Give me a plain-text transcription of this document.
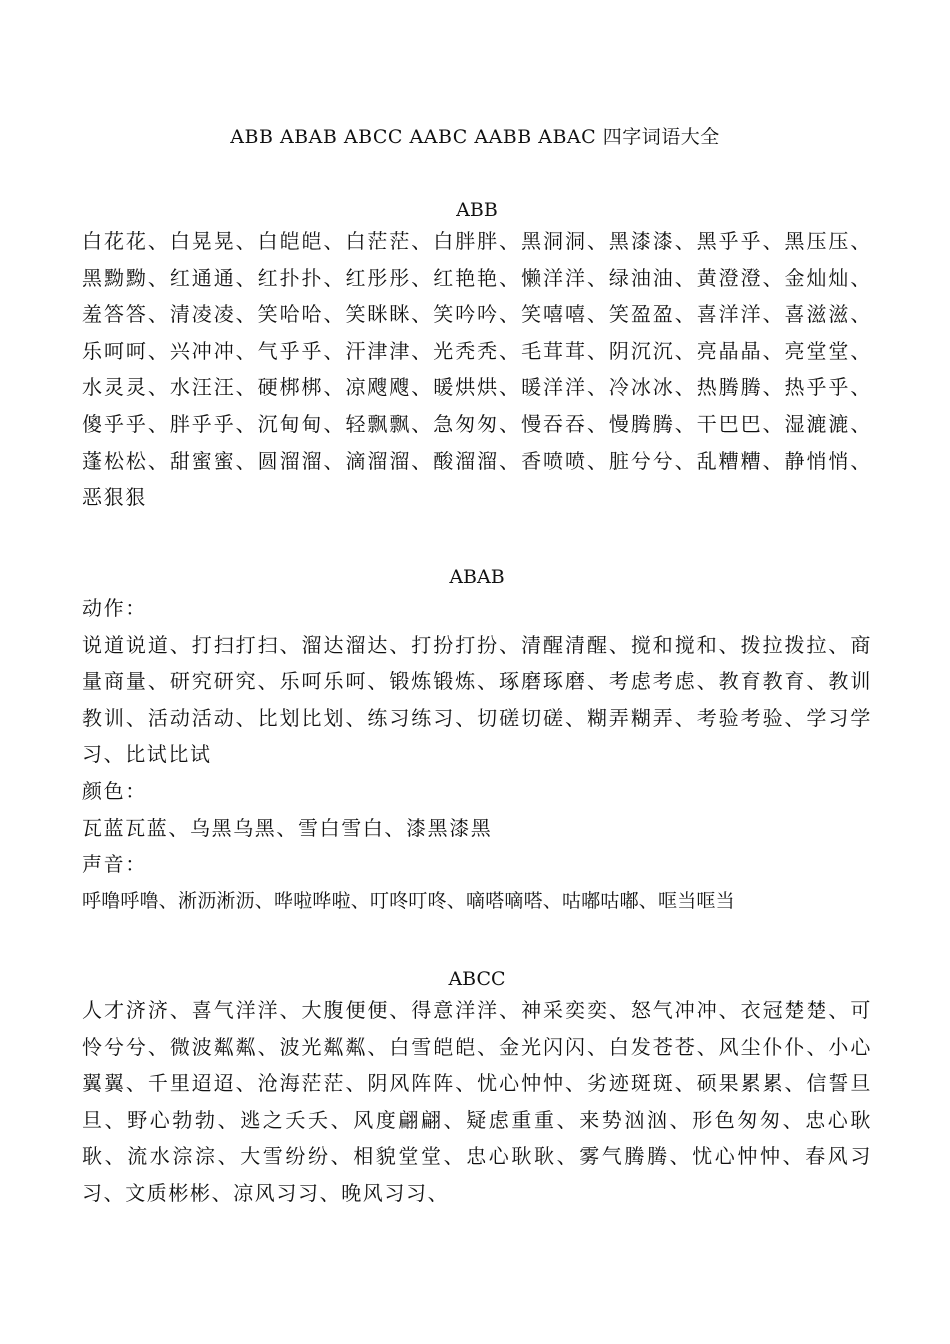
ABB ABAB ABCC AABC AABB ABAC 四字词语大全
ABB
白花花、白晃晃、白皑皑、白茫茫、白胖胖、黑洞洞、黑漆漆、黑乎乎、黑压压、黑黝黝、红通通、红扑扑、红彤彤、红艳艳、懒洋洋、绿油油、黄澄澄、金灿灿、羞答答、清凌凌、笑哈哈、笑眯眯、笑吟吟、笑嘻嘻、笑盈盈、喜洋洋、喜滋滋、乐呵呵、兴冲冲、气乎乎、汗津津、光秃秃、毛茸茸、阴沉沉、亮晶晶、亮堂堂、水灵灵、水汪汪、硬梆梆、凉飕飕、暖烘烘、暖洋洋、冷冰冰、热腾腾、热乎乎、傻乎乎、胖乎乎、沉甸甸、轻飘飘、急匆匆、慢吞吞、慢腾腾、干巴巴、湿漉漉、蓬松松、甜蜜蜜、圆溜溜、滴溜溜、酸溜溜、香喷喷、脏兮兮、乱糟糟、静悄悄、恶狠狠
ABAB
动作：
说道说道、打扫打扫、溜达溜达、打扮打扮、清醒清醒、搅和搅和、拨拉拨拉、商量商量、研究研究、乐呵乐呵、锻炼锻炼、琢磨琢磨、考虑考虑、教育教育、教训教训、活动活动、比划比划、练习练习、切磋切磋、糊弄糊弄、考验考验、学习学习、比试比试
颜色：
瓦蓝瓦蓝、乌黑乌黑、雪白雪白、漆黑漆黑
声音：
呼噜呼噜、淅沥淅沥、哗啦哗啦、叮咚叮咚、嘀嗒嘀嗒、咕嘟咕嘟、哐当哐当
ABCC
人才济济、喜气洋洋、大腹便便、得意洋洋、神采奕奕、怒气冲冲、衣冠楚楚、可怜兮兮、微波粼粼、波光粼粼、白雪皑皑、金光闪闪、白发苍苍、风尘仆仆、小心翼翼、千里迢迢、沧海茫茫、阴风阵阵、忧心忡忡、劣迹斑斑、硕果累累、信誓旦旦、野心勃勃、逃之夭夭、风度翩翩、疑虑重重、来势汹汹、形色匆匆、忠心耿耿、流水淙淙、大雪纷纷、相貌堂堂、忠心耿耿、雾气腾腾、忧心忡忡、春风习习、文质彬彬、凉风习习、晚风习习、
